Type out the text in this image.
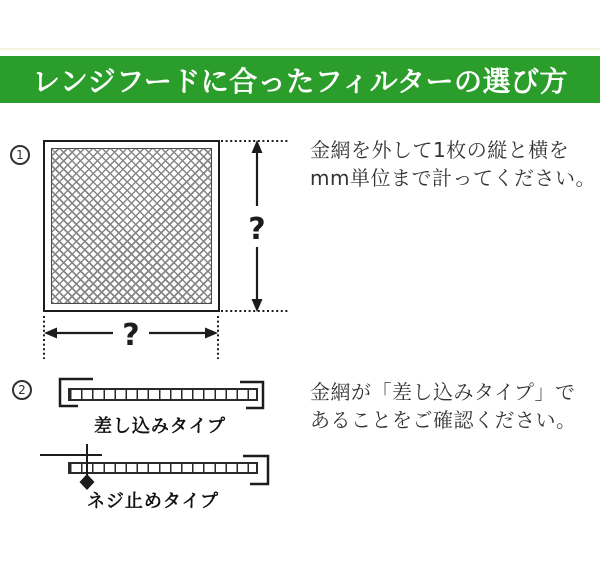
レンジフードに合ったフィルターの選び方
1
?
?
金網を外して1枚の縦と横を
mm単位まで計ってください。
2
差し込みタイプ
ネジ止めタイプ
金網が「差し込みタイプ」で
あることをご確認ください。
